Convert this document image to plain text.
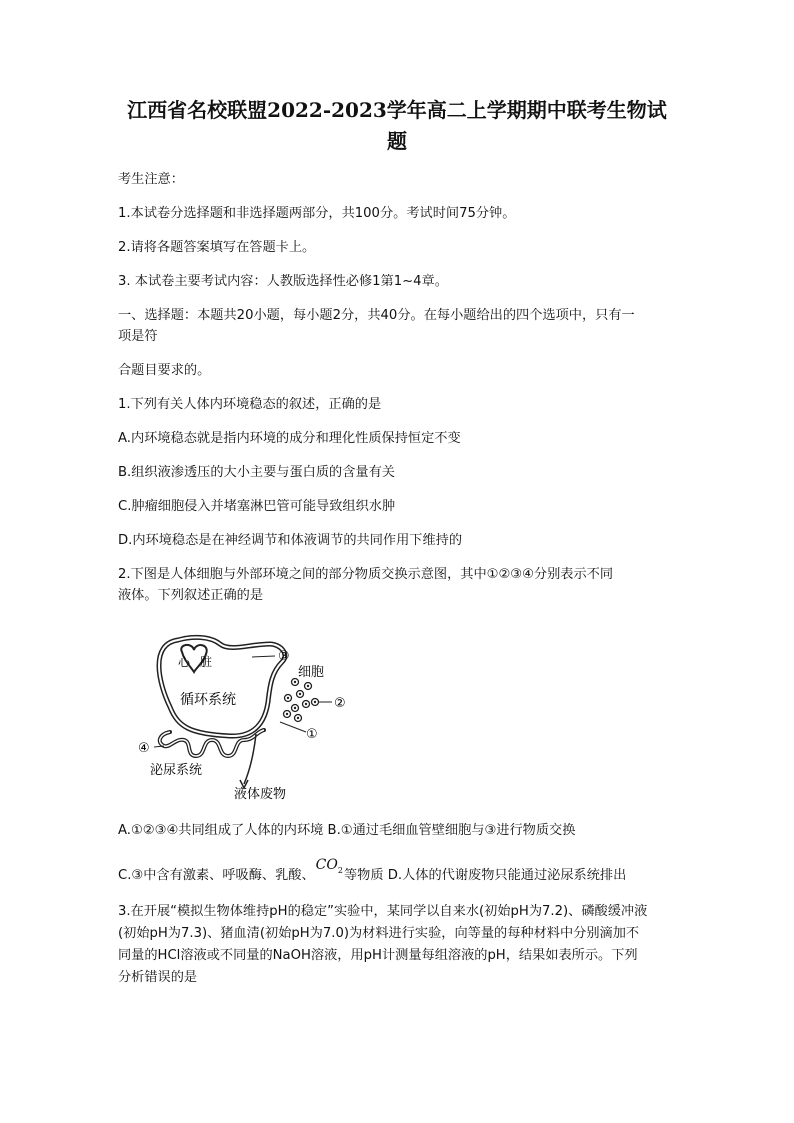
江西省名校联盟2022-2023学年高二上学期期中联考生物试
题
考生注意：
1.本试卷分选择题和非选择题两部分，共100分。考试时间75分钟。
2.请将各题答案填写在答题卡上。
3. 本试卷主要考试内容：人教版选择性必修1第1~4章。
一、选择题：本题共20小题，每小题2分，共40分。在每小题给出的四个选项中，只有一
项是符
合题目要求的。
1.下列有关人体内环境稳态的叙述，正确的是
A.内环境稳态就是指内环境的成分和理化性质保持恒定不变
B.组织液渗透压的大小主要与蛋白质的含量有关
C.肿瘤细胞侵入并堵塞淋巴管可能导致组织水肿
D.内环境稳态是在神经调节和体液调节的共同作用下维持的
2.下图是人体细胞与外部环境之间的部分物质交换示意图，其中①②③④分别表示不同
液体。下列叙述正确的是
心 脏
循环系统
③
细胞
②
①
④
泌尿系统
液体废物
A.①②③④共同组成了人体的内环境 B.①通过毛细血管壁细胞与③进行物质交换
C.③中含有激素、呼吸酶、乳酸、$CO_2$等物质 D.人体的代谢废物只能通过泌尿系统排出
3.在开展“模拟生物体维持pH的稳定”实验中，某同学以自来水(初始pH为7.2)、磷酸缓冲液
(初始pH为7.3)、猪血清(初始pH为7.0)为材料进行实验，向等量的每种材料中分别滴加不
同量的HCl溶液或不同量的NaOH溶液，用pH计测量每组溶液的pH，结果如表所示。下列
分析错误的是
